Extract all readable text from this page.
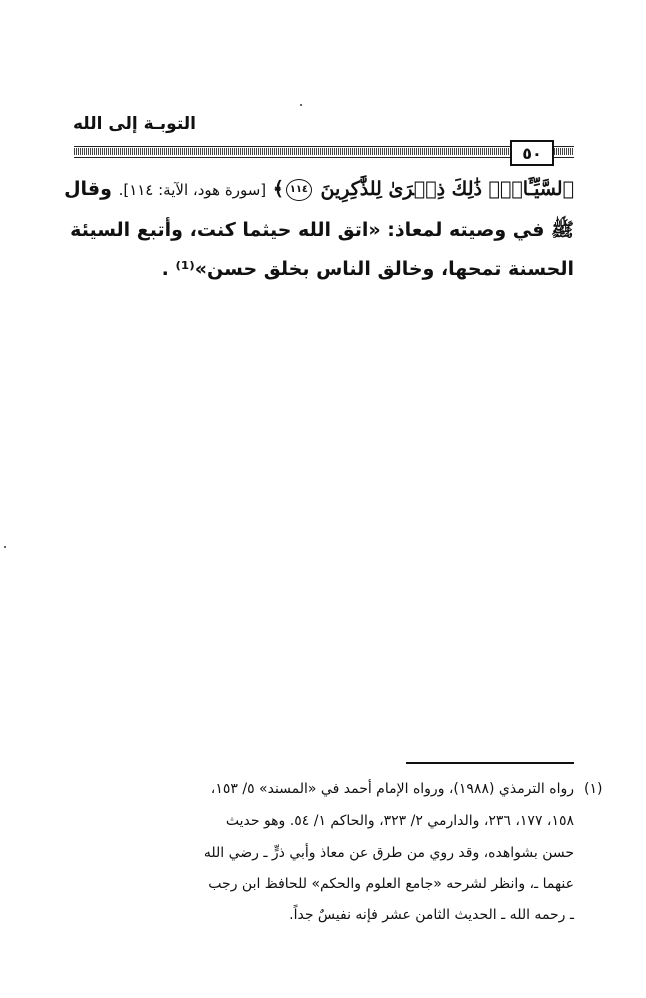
التوبـة إلى الله
٥٠
ٱلسَّيِّـَٔاتِۚ ذَٰلِكَ ذِكۡرَىٰ لِلذَّٰكِرِينَ ١١٤﴾ [سورة هود، الآية: ١١٤]. وقال
ﷺ في وصيته لمعاذ: «اتق الله حيثما كنت، وأتبع السيئة
الحسنة تمحها، وخالق الناس بخلق حسن»⁽¹⁾ .
(١)
رواه الترمذي (١٩٨٨)، ورواه الإمام أحمد في «المسند» ٥/ ١٥٣،
١٥٨، ١٧٧، ٢٣٦، والدارمي ٢/ ٣٢٣، والحاكم ١/ ٥٤. وهو حديث
حسن بشواهده، وقد روي من طرق عن معاذ وأبي ذرٍّ ـ رضي الله
عنهما ـ، وانظر لشرحه «جامع العلوم والحكم» للحافظ ابن رجب
ـ رحمه الله ـ الحديث الثامن عشر فإنه نفيسٌ جداً.
